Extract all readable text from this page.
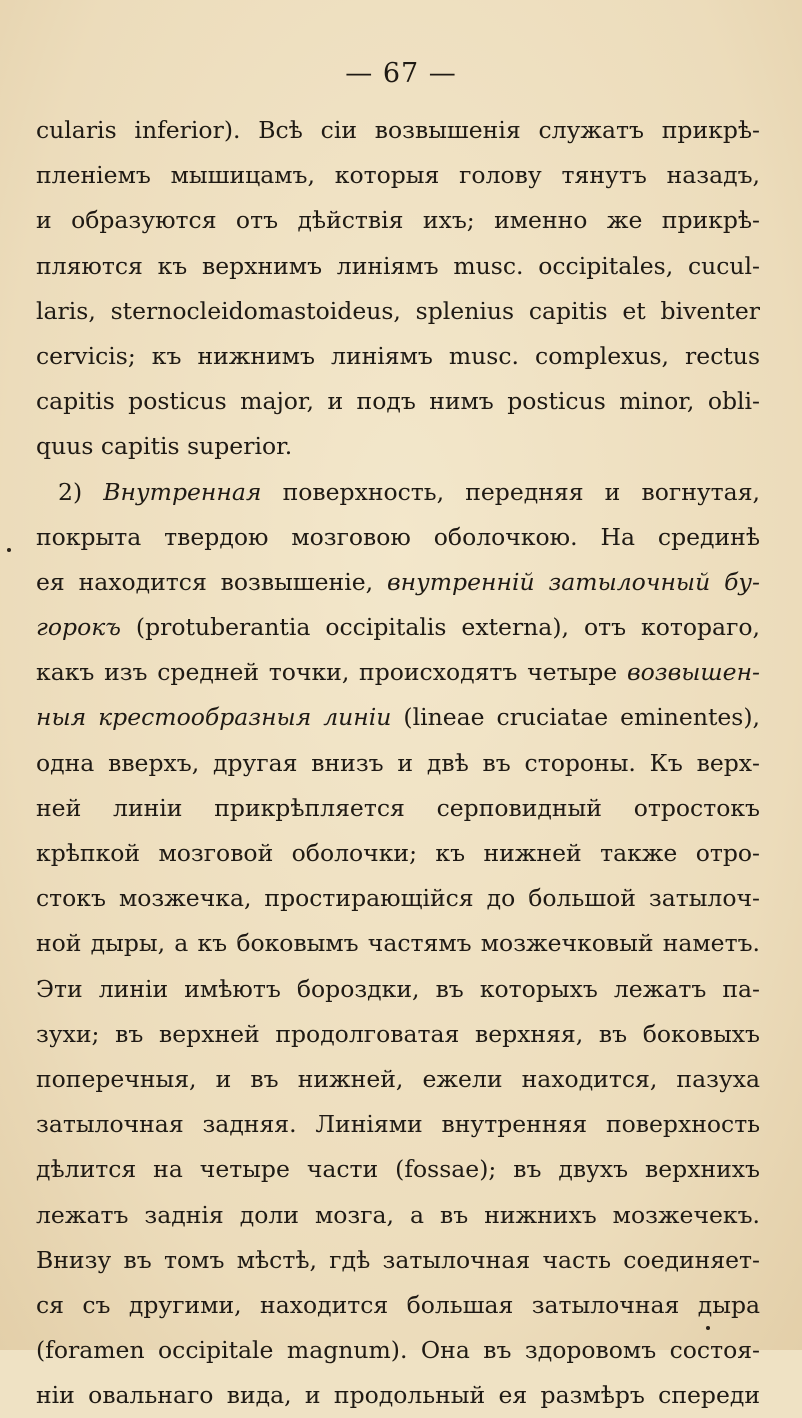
— 67 —
cularis inferior). Всѣ сіи возвышенія служатъ прикрѣ-
пленіемъ мышицамъ, которыя голову тянутъ назадъ,
и образуются отъ дѣйствія ихъ; именно же прикрѣ-
пляются къ верхнимъ линіямъ musc. occipitales, cucul-
laris, sternocleidomastoideus, splenius capitis et biventer
cervicis; къ нижнимъ линіямъ musc. complexus, rectus
capitis posticus major, и подъ нимъ posticus minor, obli-
quus capitis superior.
2) Внутренная поверхность, передняя и вогнутая,
покрыта твердою мозговою оболочкою. На срединѣ
ея находится возвышеніе, внутренній затылочный бу-
горокъ (protuberantia occipitalis externa), отъ котораго,
какъ изъ средней точки, происходятъ четыре возвышен-
ныя крестообразныя линіи (lineae cruciatae eminentes),
одна вверхъ, другая внизъ и двѣ въ стороны. Къ верх-
ней линіи прикрѣпляется серповидный отростокъ
крѣпкой мозговой оболочки; къ нижней также отро-
стокъ мозжечка, простирающійся до большой затылоч-
ной дыры, а къ боковымъ частямъ мозжечковый наметъ.
Эти линіи имѣютъ бороздки, въ которыхъ лежатъ па-
зухи; въ верхней продолговатая верхняя, въ боковыхъ
поперечныя, и въ нижней, ежели находится, пазуха
затылочная задняя. Линіями внутренняя поверхность
дѣлится на четыре части (fossae); въ двухъ верхнихъ
лежатъ заднія доли мозга, а въ нижнихъ мозжечекъ.
Внизу въ томъ мѣстѣ, гдѣ затылочная часть соединяет-
ся съ другими, находится большая затылочная дыра
(foramen occipitale magnum). Она въ здоровомъ состоя-
ніи овальнаго вида, и продольный ея размѣръ спереди
